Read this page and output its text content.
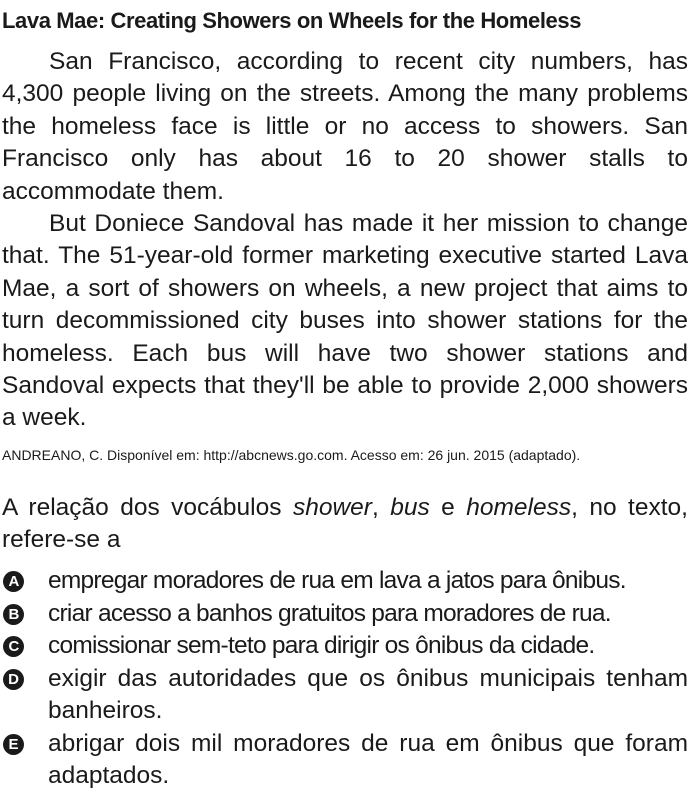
Lava Mae: Creating Showers on Wheels for the Homeless

San Francisco, according to recent city numbers, has 4,300 people living on the streets. Among the many problems the homeless face is little or no access to showers. San Francisco only has about 16 to 20 shower stalls to accommodate them.

But Doniece Sandoval has made it her mission to change that. The 51-year-old former marketing executive started Lava Mae, a sort of showers on wheels, a new project that aims to turn decommissioned city buses into shower stations for the homeless. Each bus will have two shower stations and Sandoval expects that they'll be able to provide 2,000 showers a week.

ANDREANO, C. Disponível em: http://abcnews.go.com. Acesso em: 26 jun. 2015 (adaptado).

A relação dos vocábulos shower, bus e homeless, no texto, refere-se a

A empregar moradores de rua em lava a jatos para ônibus.
B criar acesso a banhos gratuitos para moradores de rua.
C comissionar sem-teto para dirigir os ônibus da cidade.
D exigir das autoridades que os ônibus municipais tenham banheiros.
E abrigar dois mil moradores de rua em ônibus que foram adaptados.
